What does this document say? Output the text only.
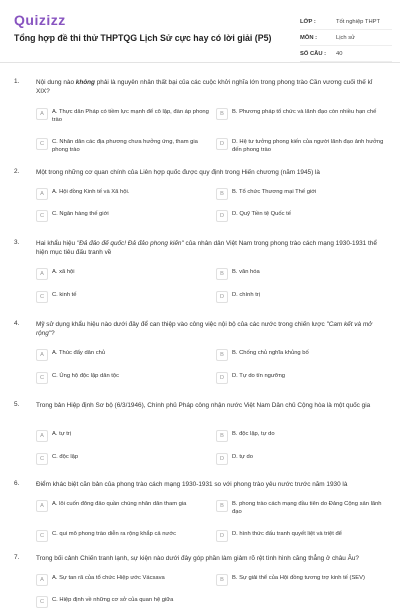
Quizizz
Tổng hợp đề thi thử THPTQG Lịch Sử cực hay có lời giải (P5)
LỚP :	Tốt nghiệp THPT
MÔN :	Lịch sử
SỐ CÂU :	40
1.	Nội dung nào không phải là nguyên nhân thất bại của các cuộc khởi nghĩa lớn trong phong trào Cần vương cuối thế kỉ XIX?
A	A. Thực dân Pháp có tiềm lực mạnh để cô lập, đàn áp phong trào
B	B. Phương pháp tổ chức và lãnh đạo còn nhiều hạn chế
C	C. Nhân dân các địa phương chưa hưởng ứng, tham gia phong trào
D	D. Hệ tư tưởng phong kiến của người lãnh đạo ảnh hưởng đến phong trào
2.	Một trong những cơ quan chính của Liên hợp quốc được quy định trong Hiến chương (năm 1945) là
A	A. Hội đồng Kinh tế và Xã hội.	B	B. Tổ chức Thương mại Thế giới
C	C. Ngân hàng thế giới	D	D. Quỹ Tiền tệ Quốc tế
3.	Hai khẩu hiệu "Đả đảo đế quốc! Đả đảo phong kiến" của nhân dân Việt Nam trong phong trào cách mạng 1930-1931 thể hiện mục tiêu đấu tranh về
A	A. xã hội	B	B. văn hóa
C	C. kinh tế	D	D. chính trị
4.	Mỹ sử dụng khẩu hiệu nào dưới đây để can thiệp vào công việc nội bộ của các nước trong chiến lược "Cam kết và mở rộng"?
A	A. Thúc đẩy dân chủ	B	B. Chống chủ nghĩa khủng bố
C	C. Ủng hộ độc lập dân tộc	D	D. Tự do tín ngưỡng
5.	Trong bản Hiệp định Sơ bộ (6/3/1946), Chính phủ Pháp công nhận nước Việt Nam Dân chủ Cộng hòa là một quốc gia
A	A. tự trị	B	B. độc lập, tự do
C	C. độc lập	D	D. tự do
6.	Điểm khác biệt căn bản của phong trào cách mạng 1930-1931 so với phong trào yêu nước trước năm 1930 là
A	A. lôi cuốn đông đảo quần chúng nhân dân tham gia	B	B. phong trào cách mạng đầu tiên do Đảng Cộng sản lãnh đạo
C	C. qui mô phong trào diễn ra rộng khắp cả nước	D	D. hình thức đấu tranh quyết liệt và triệt để
7.	Trong bối cảnh Chiến tranh lạnh, sự kiện nào dưới đây góp phần làm giảm rõ rệt tình hình căng thẳng ở châu Âu?
A	A. Sự tan rã của tổ chức Hiệp ước Vácsava	B	B. Sự giải thể của Hội đồng tương trợ kinh tế (SEV)
C	C. Hiệp định về những cơ sở của quan hệ giữa
